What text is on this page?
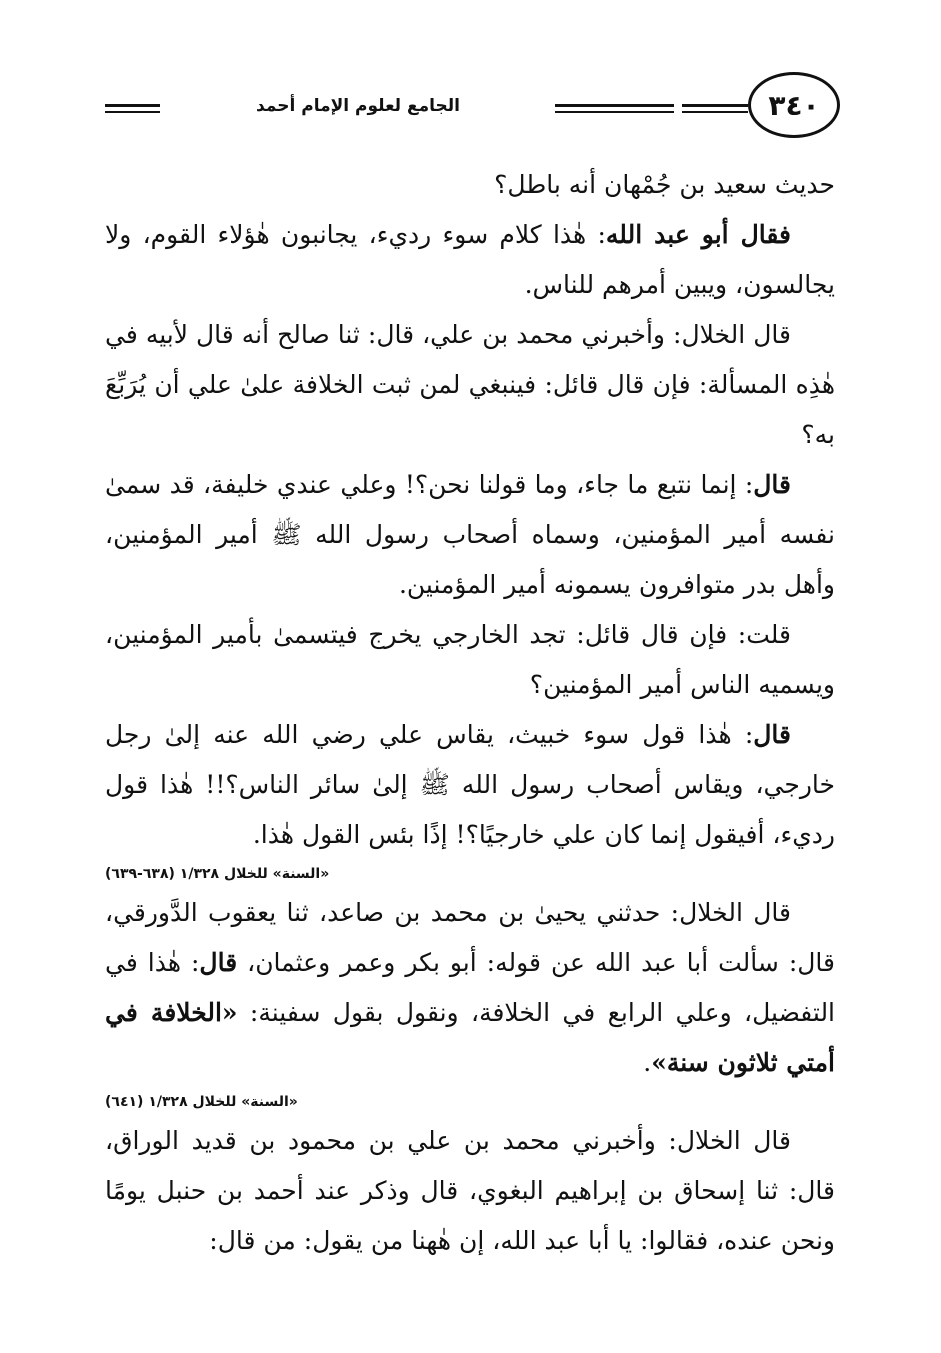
٣٤٠
الجامع لعلوم الإمام أحمد

حديث سعيد بن جُمْهان أنه باطل؟

فقال أبو عبد الله: هٰذا كلام سوء رديء، يجانبون هٰؤلاء القوم، ولا يجالسون، ويبين أمرهم للناس.

قال الخلال: وأخبرني محمد بن علي، قال: ثنا صالح أنه قال لأبيه في هٰذِه المسألة: فإن قال قائل: فينبغي لمن ثبت الخلافة علىٰ علي أن يُرَبِّعَ به؟

قال: إنما نتبع ما جاء، وما قولنا نحن؟! وعلي عندي خليفة، قد سمىٰ نفسه أمير المؤمنين، وسماه أصحاب رسول الله ﷺ أمير المؤمنين، وأهل بدر متوافرون يسمونه أمير المؤمنين.

قلت: فإن قال قائل: تجد الخارجي يخرج فيتسمىٰ بأمير المؤمنين، ويسميه الناس أمير المؤمنين؟

قال: هٰذا قول سوء خبيث، يقاس علي رضي الله عنه إلىٰ رجل خارجي، ويقاس أصحاب رسول الله ﷺ إلىٰ سائر الناس؟!! هٰذا قول رديء، أفيقول إنما كان علي خارجيًا؟! إذًا بئس القول هٰذا.

«السنة» للخلال ١/٣٢٨ (٦٣٨-٦٣٩)

قال الخلال: حدثني يحيىٰ بن محمد بن صاعد، ثنا يعقوب الدَّورقي، قال: سألت أبا عبد الله عن قوله: أبو بكر وعمر وعثمان، قال: هٰذا في التفضيل، وعلي الرابع في الخلافة، ونقول بقول سفينة: «الخلافة في أمتي ثلاثون سنة».

«السنة» للخلال ١/٣٢٨ (٦٤١)

قال الخلال: وأخبرني محمد بن علي بن محمود بن قديد الوراق، قال: ثنا إسحاق بن إبراهيم البغوي، قال وذكر عند أحمد بن حنبل يومًا ونحن عنده، فقالوا: يا أبا عبد الله، إن هٰهنا من يقول: من قال:
